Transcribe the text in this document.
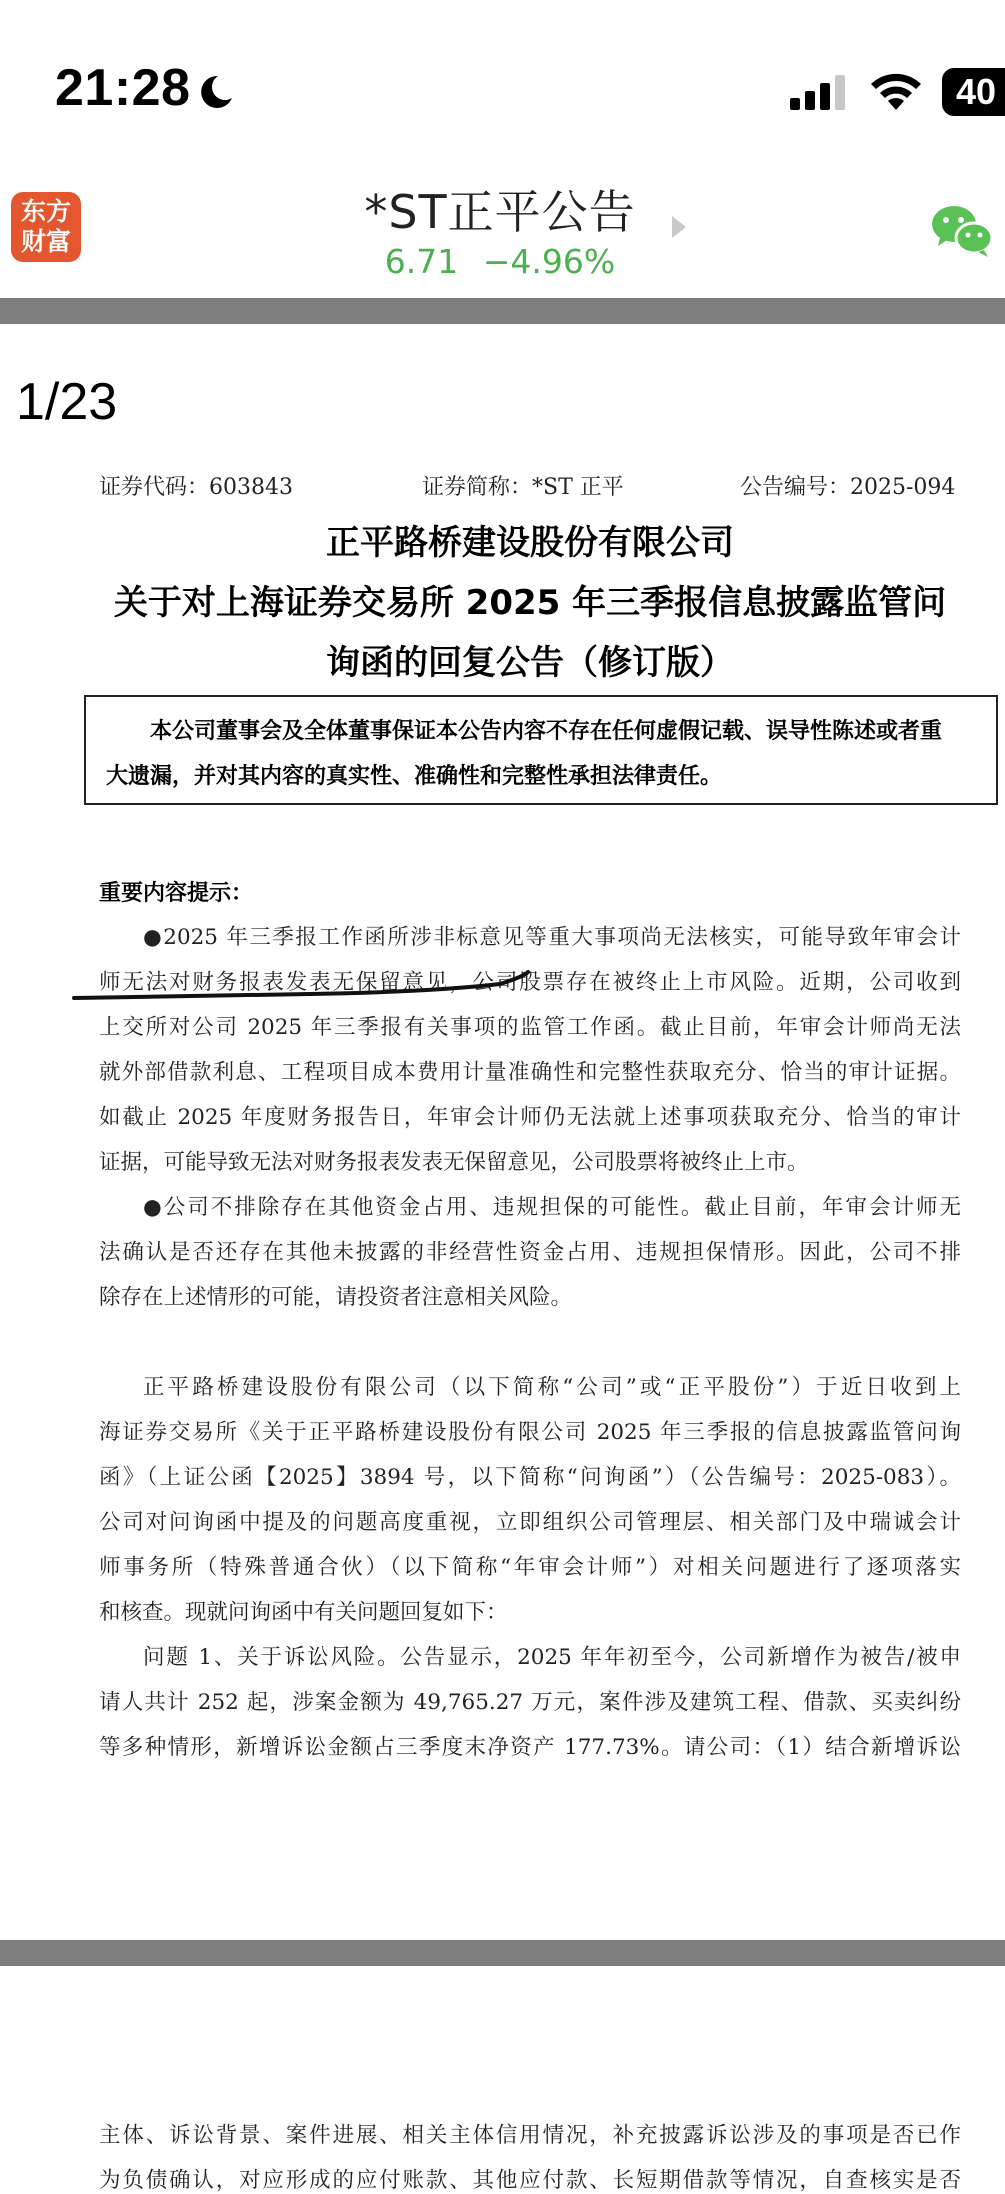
21:28	40
东方
财富
*ST正平公告
6.71 −4.96%
1/23
证券代码：603843	证券简称：*ST 正平	公告编号：2025-094
正平路桥建设股份有限公司
关于对上海证券交易所 2025 年三季报信息披露监管问
询函的回复公告（修订版）
本公司董事会及全体董事保证本公告内容不存在任何虚假记载、误导性陈述或者重
大遗漏，并对其内容的真实性、准确性和完整性承担法律责任。
重要内容提示：
●2025 年三季报工作函所涉非标意见等重大事项尚无法核实，可能导致年审会计
师无法对财务报表发表无保留意见，公司股票存在被终止上市风险。近期，公司收到
上交所对公司 2025 年三季报有关事项的监管工作函。截止目前，年审会计师尚无法
就外部借款利息、工程项目成本费用计量准确性和完整性获取充分、恰当的审计证据。
如截止 2025 年度财务报告日，年审会计师仍无法就上述事项获取充分、恰当的审计
证据，可能导致无法对财务报表发表无保留意见，公司股票将被终止上市。
●公司不排除存在其他资金占用、违规担保的可能性。截止目前，年审会计师无
法确认是否还存在其他未披露的非经营性资金占用、违规担保情形。因此，公司不排
除存在上述情形的可能，请投资者注意相关风险。
正平路桥建设股份有限公司（以下简称“公司”或“正平股份”）于近日收到上
海证券交易所《关于正平路桥建设股份有限公司 2025 年三季报的信息披露监管问询
函》（上证公函【2025】3894 号，以下简称“问询函”）（公告编号：2025-083）。
公司对问询函中提及的问题高度重视，立即组织公司管理层、相关部门及中瑞诚会计
师事务所（特殊普通合伙）（以下简称“年审会计师”）对相关问题进行了逐项落实
和核查。现就问询函中有关问题回复如下：
问题 1、关于诉讼风险。公告显示，2025 年年初至今，公司新增作为被告/被申
请人共计 252 起，涉案金额为 49,765.27 万元，案件涉及建筑工程、借款、买卖纠纷
等多种情形，新增诉讼金额占三季度末净资产 177.73%。请公司：（1）结合新增诉讼
主体、诉讼背景、案件进展、相关主体信用情况，补充披露诉讼涉及的事项是否已作
为负债确认，对应形成的应付账款、其他应付款、长短期借款等情况，自查核实是否
